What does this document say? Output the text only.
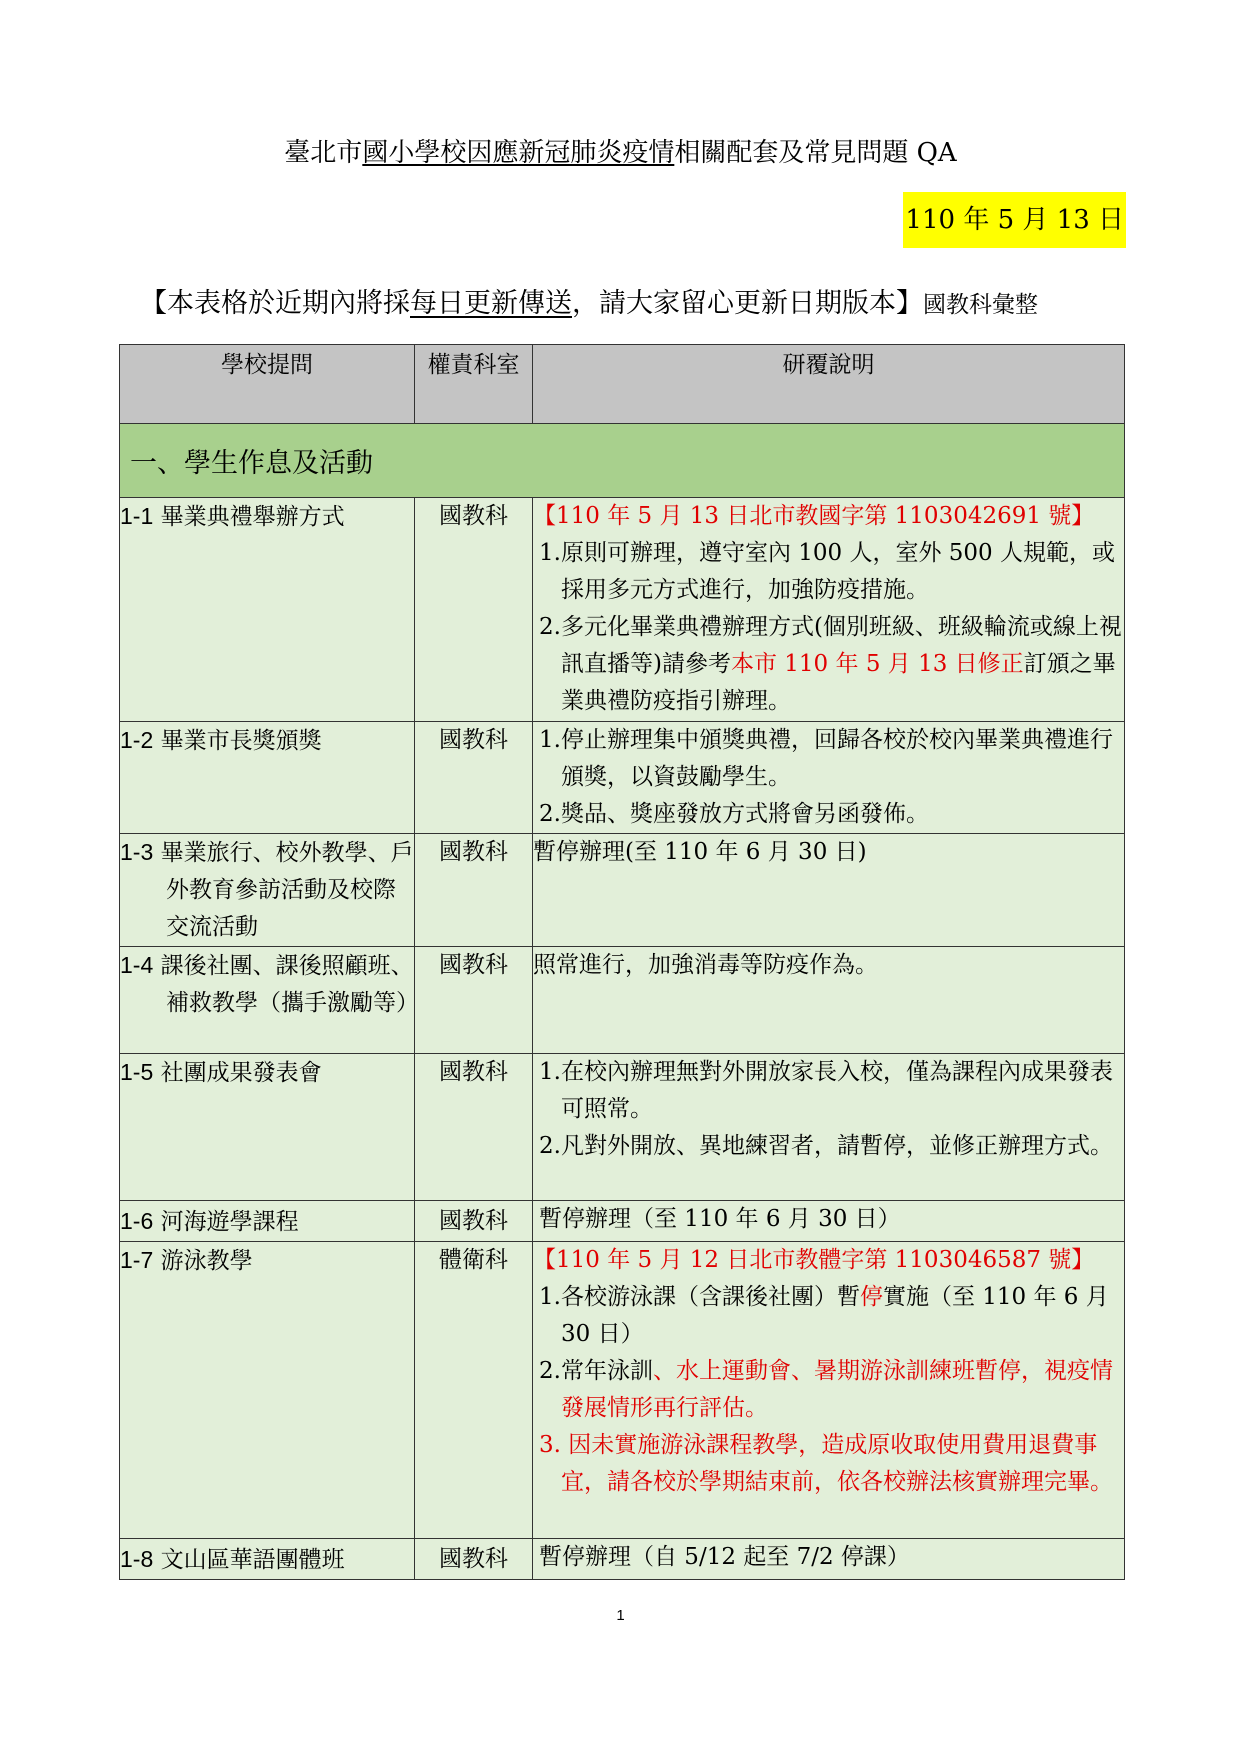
臺北市國小學校因應新冠肺炎疫情相關配套及常見問題 QA
110 年 5 月 13 日
【本表格於近期內將採每日更新傳送，請大家留心更新日期版本】國教科彙整
學校提問	權責科室	研覆說明
一、學生作息及活動		

1-1 畢業典禮舉辦方式	國教科	【110 年 5 月 13 日北市教國字第 1103042691 號】
1.原則可辦理，遵守室內 100 人，室外 500 人規範，或採用多元方式進行，加強防疫措施。
2.多元化畢業典禮辦理方式(個別班級、班級輪流或線上視訊直播等)請參考本市 110 年 5 月 13 日修正訂頒之畢業典禮防疫指引辦理。

1-2 畢業市長獎頒獎	國教科	1.停止辦理集中頒獎典禮，回歸各校於校內畢業典禮進行頒獎，以資鼓勵學生。
2.獎品、獎座發放方式將會另函發佈。

1-3 畢業旅行、校外教學、戶外教育參訪活動及校際交流活動	國教科	暫停辦理(至 110 年 6 月 30 日)

1-4 課後社團、課後照顧班、補救教學（攜手激勵等）	國教科	照常進行，加強消毒等防疫作為。

1-5 社團成果發表會	國教科	1.在校內辦理無對外開放家長入校，僅為課程內成果發表可照常。
2.凡對外開放、異地練習者，請暫停，並修正辦理方式。

1-6 河海遊學課程	國教科	暫停辦理（至 110 年 6 月 30 日）

1-7 游泳教學	體衛科	【110 年 5 月 12 日北市教體字第 1103046587 號】
1.各校游泳課（含課後社團）暫停實施（至 110 年 6 月 30 日）
2.常年泳訓、水上運動會、暑期游泳訓練班暫停，視疫情發展情形再行評估。
3. 因未實施游泳課程教學，造成原收取使用費用退費事宜，請各校於學期結束前，依各校辦法核實辦理完畢。

1-8 文山區華語團體班	國教科	暫停辦理（自 5/12 起至 7/2 停課）
1
